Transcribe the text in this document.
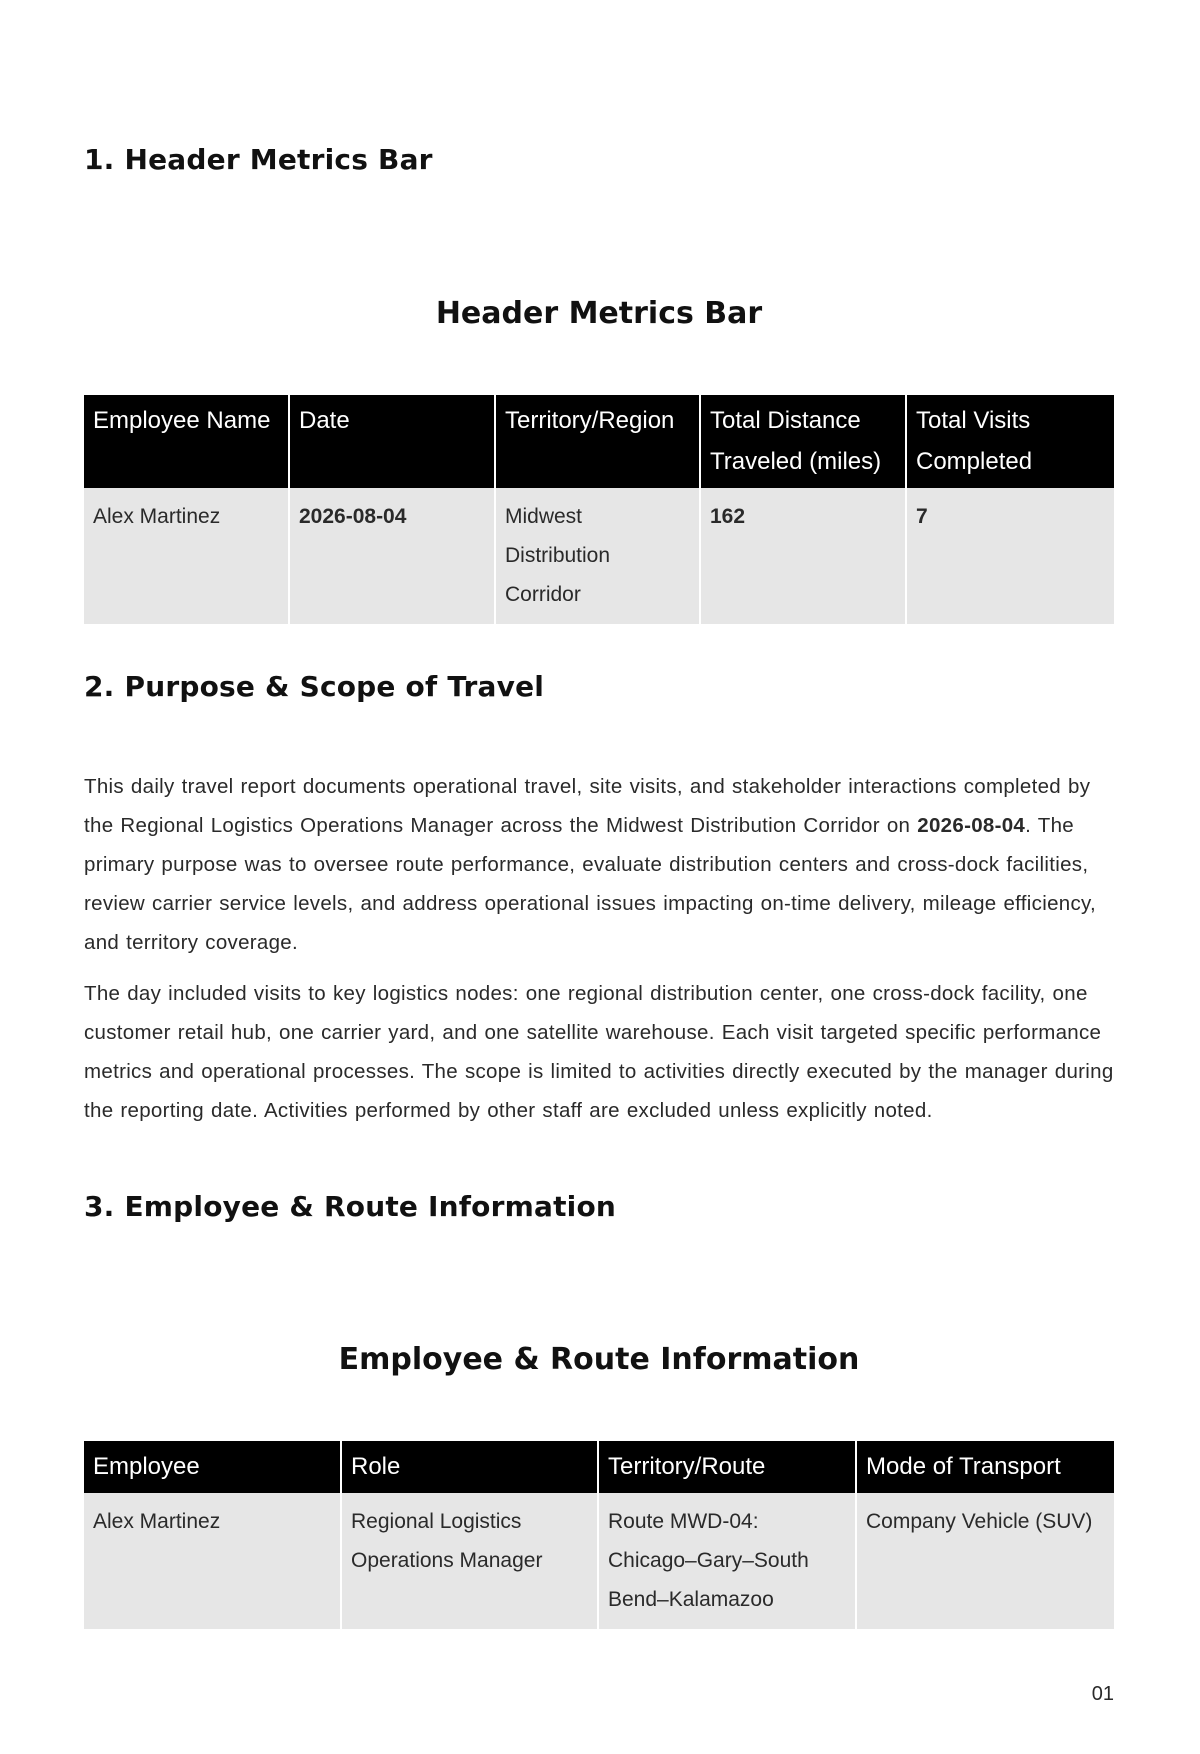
1. Header Metrics Bar
Header Metrics Bar
Employee Name	Date	Territory/Region	Total Distance Traveled (miles)	Total Visits Completed
Alex Martinez	2026-08-04	Midwest Distribution Corridor	162	7
2. Purpose & Scope of Travel

This daily travel report documents operational travel, site visits, and stakeholder interactions completed by the Regional Logistics Operations Manager across the Midwest Distribution Corridor on 2026-08-04. The primary purpose was to oversee route performance, evaluate distribution centers and cross-dock facilities, review carrier service levels, and address operational issues impacting on-time delivery, mileage efficiency, and territory coverage.

The day included visits to key logistics nodes: one regional distribution center, one cross-dock facility, one customer retail hub, one carrier yard, and one satellite warehouse. Each visit targeted specific performance metrics and operational processes. The scope is limited to activities directly executed by the manager during the reporting date. Activities performed by other staff are excluded unless explicitly noted.

3. Employee & Route Information
Employee & Route Information
Employee	Role	Territory/Route	Mode of Transport
Alex Martinez	Regional Logistics Operations Manager	Route MWD-04: Chicago–Gary–South Bend–Kalamazoo	Company Vehicle (SUV)
01
